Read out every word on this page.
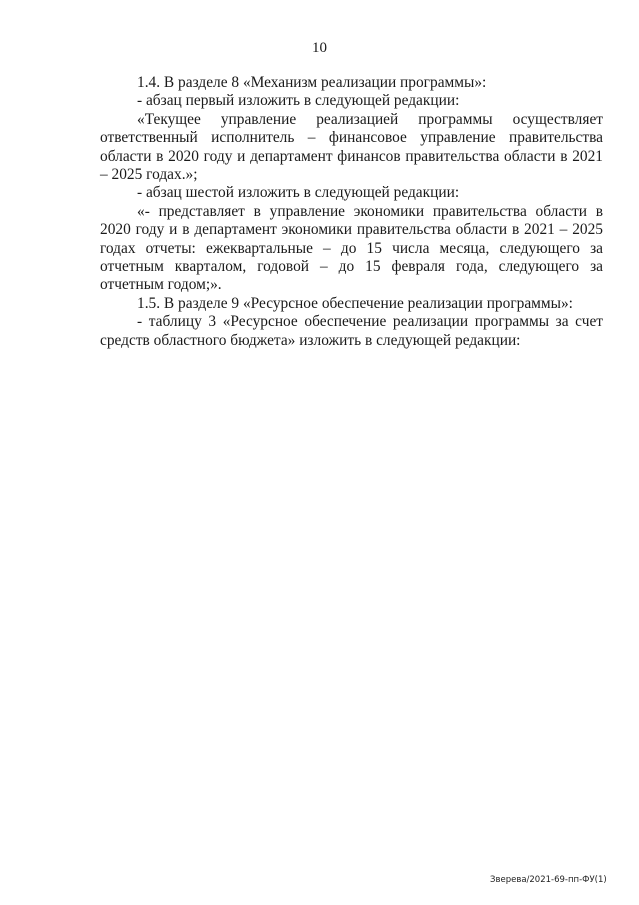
10

1.4. В разделе 8 «Механизм реализации программы»:

- абзац первый изложить в следующей редакции:

«Текущее управление реализацией программы осуществляет ответственный исполнитель – финансовое управление правительства области в 2020 году и департамент финансов правительства области в 2021 – 2025 годах.»;

- абзац шестой изложить в следующей редакции:

«- представляет в управление экономики правительства области в 2020 году и в департамент экономики правительства области в 2021 – 2025 годах отчеты: ежеквартальные – до 15 числа месяца, следующего за отчетным кварталом, годовой – до 15 февраля года, следующего за отчетным годом;».

1.5. В разделе 9 «Ресурсное обеспечение реализации программы»:

- таблицу 3 «Ресурсное обеспечение реализации программы за счет средств областного бюджета» изложить в следующей редакции:

Зверева/2021-69-пп-ФУ(1)
